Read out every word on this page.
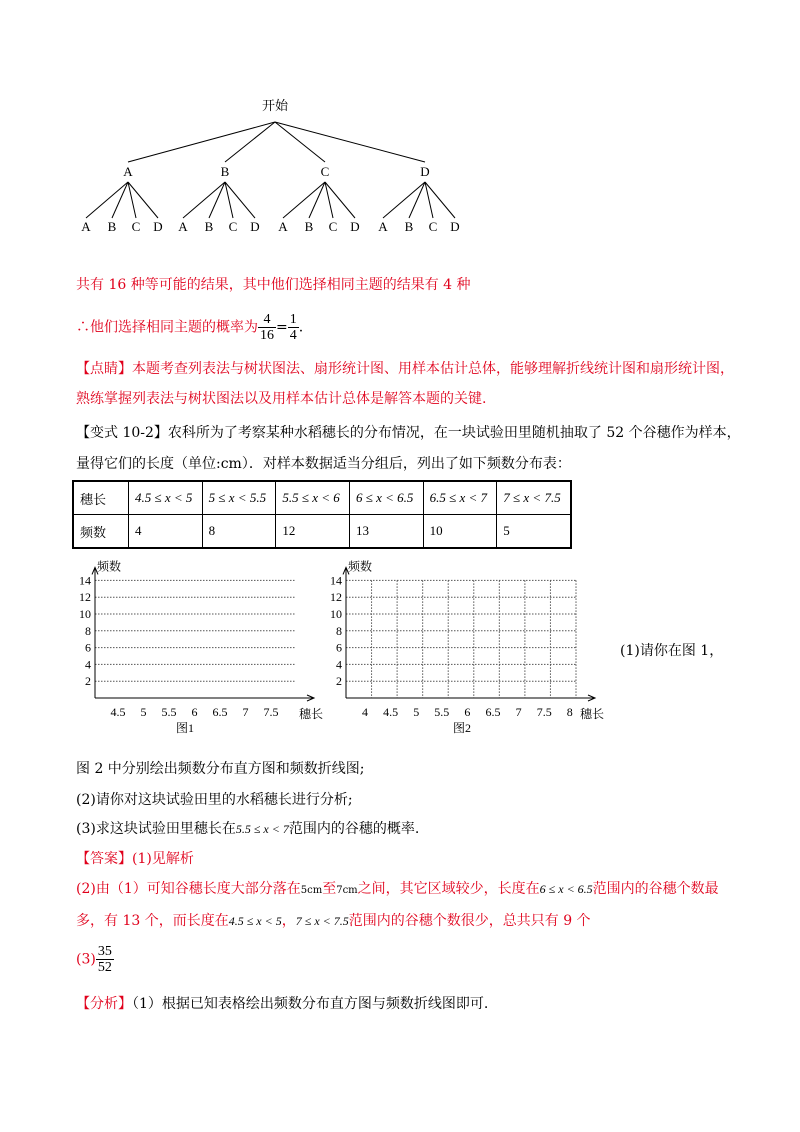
开始
A
A B C D
B
A B C D
C
A B C D
D
A B C D
共有 16 种等可能的结果，其中他们选择相同主题的结果有 4 种
∴他们选择相同主题的概率为 $\frac{4}{16} = \frac{1}{4}$ .
【点睛】本题考查列表法与树状图法、扇形统计图、用样本估计总体，能够理解折线统计图和扇形统计图，
熟练掌握列表法与树状图法以及用样本估计总体是解答本题的关键.
【变式 10-2】农科所为了考察某种水稻穗长的分布情况，在一块试验田里随机抽取了 52 个谷穗作为样本，
量得它们的长度（单位:cm）．对样本数据适当分组后，列出了如下频数分布表：
穗长	4.5 ≤ x < 5	5 ≤ x < 5.5	5.5 ≤ x < 6	6 ≤ x < 6.5	6.5 ≤ x < 7	7 ≤ x < 7.5
频数	4	8	12	13	10	5
2
4
6
8
10
12
14
4.5 5 5.5 6 6.5 7 7.5
频数
穗长
图1
2
4
6
8
10
12
14
4 4.5 5 5.5 6 6.5 7 7.5 8
频数
穗长
图2
(1)请你在图 1，
图 2 中分别绘出频数分布直方图和频数折线图;
(2)请你对这块试验田里的水稻穗长进行分析;
(3)求这块试验田里穗长在5.5 ≤ x < 7范围内的谷穗的概率.
【答案】(1)见解析
(2)由（1）可知谷穗长度大部分落在5cm至7cm之间，其它区域较少，长度在6 ≤ x < 6.5范围内的谷穗个数最
多，有 13 个，而长度在4.5 ≤ x < 5，7 ≤ x < 7.5范围内的谷穗个数很少，总共只有 9 个
$(3) \frac{35}{52}$
【分析】（1）根据已知表格绘出频数分布直方图与频数折线图即可.
